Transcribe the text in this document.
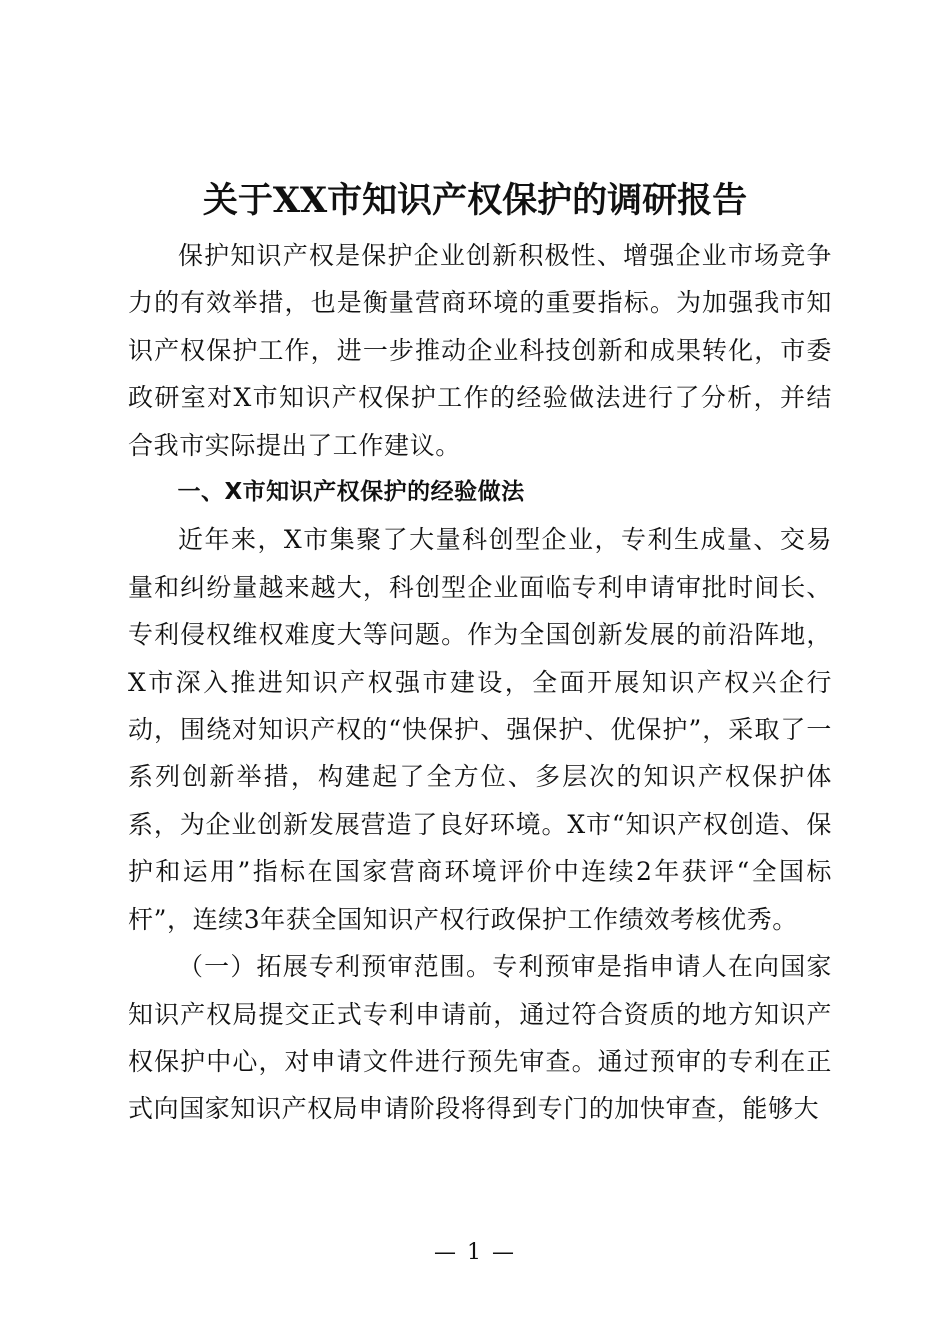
关于XX市知识产权保护的调研报告

保护知识产权是保护企业创新积极性、增强企业市场竞争力的有效举措，也是衡量营商环境的重要指标。为加强我市知识产权保护工作，进一步推动企业科技创新和成果转化，市委政研室对X市知识产权保护工作的经验做法进行了分析，并结合我市实际提出了工作建议。

一、X市知识产权保护的经验做法

近年来，X市集聚了大量科创型企业，专利生成量、交易量和纠纷量越来越大，科创型企业面临专利申请审批时间长、专利侵权维权难度大等问题。作为全国创新发展的前沿阵地，X市深入推进知识产权强市建设，全面开展知识产权兴企行动，围绕对知识产权的“快保护、强保护、优保护”，采取了一系列创新举措，构建起了全方位、多层次的知识产权保护体系，为企业创新发展营造了良好环境。X市“知识产权创造、保护和运用”指标在国家营商环境评价中连续2年获评“全国标杆”，连续3年获全国知识产权行政保护工作绩效考核优秀。

（一）拓展专利预审范围。专利预审是指申请人在向国家知识产权局提交正式专利申请前，通过符合资质的地方知识产权保护中心，对申请文件进行预先审查。通过预审的专利在正式向国家知识产权局申请阶段将得到专门的加快审查，能够大

— 1 —
